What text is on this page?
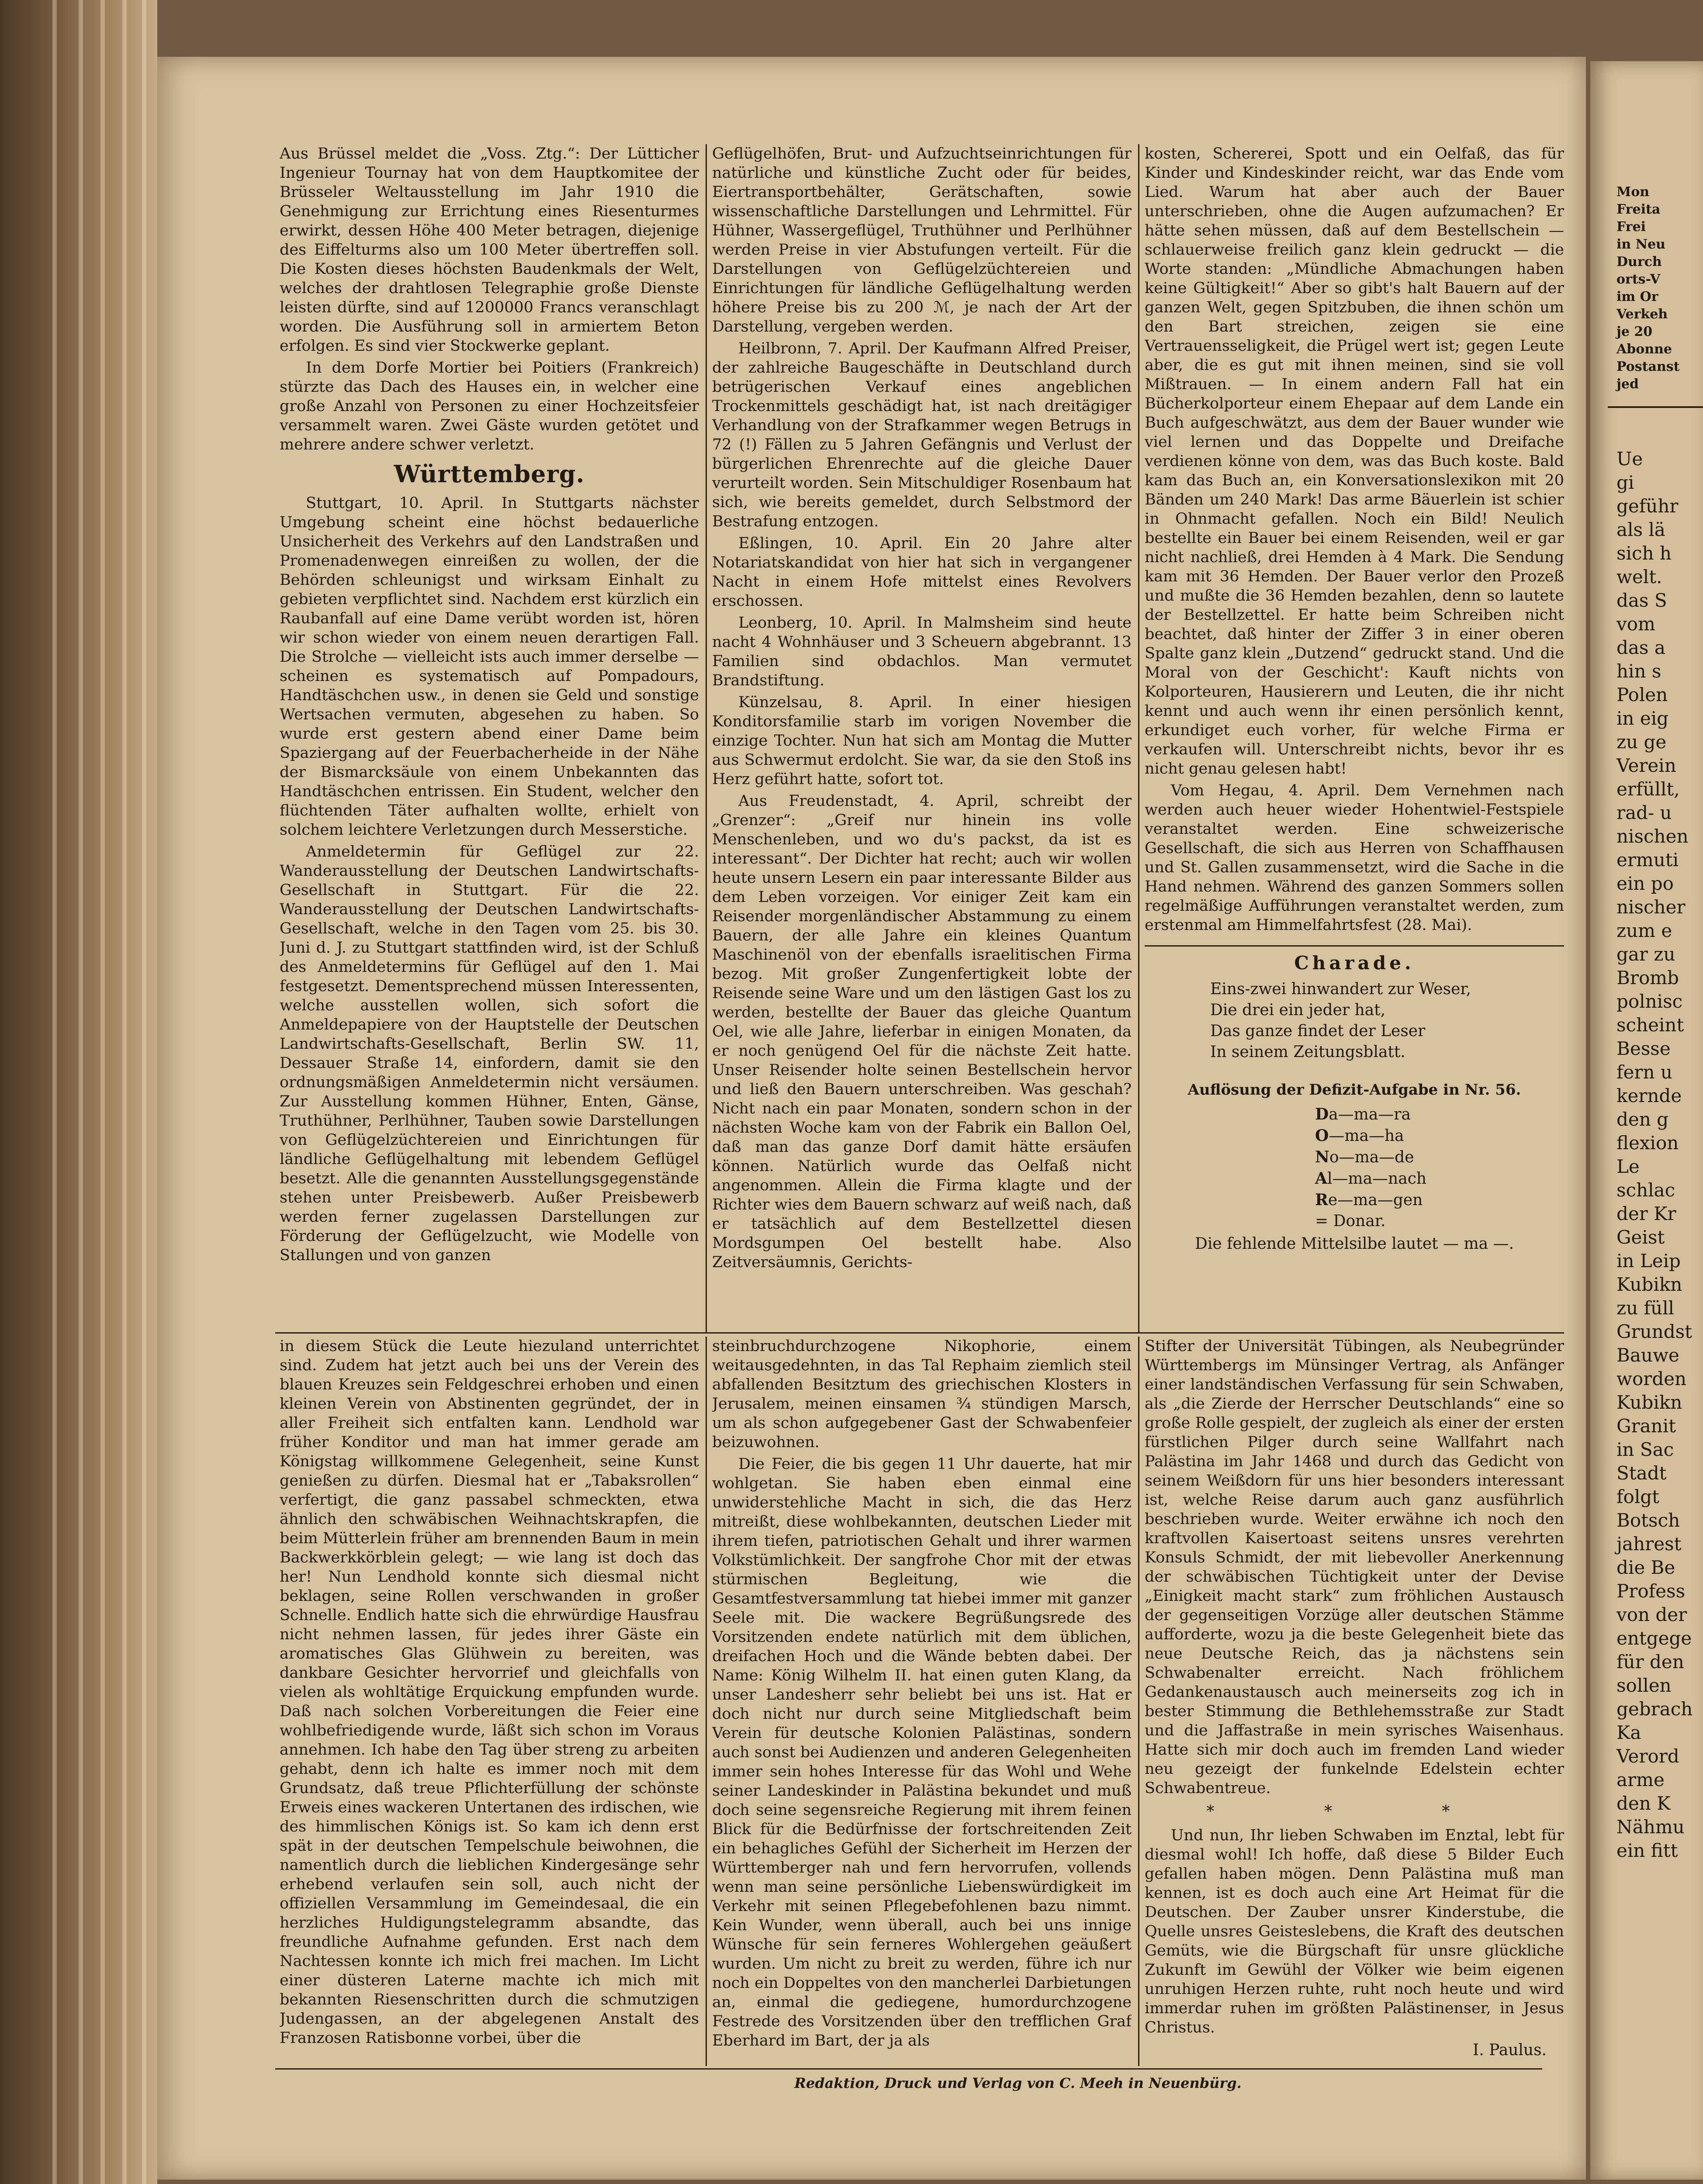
Aus Brüssel meldet die „Voss. Ztg.“: Der Lütticher Ingenieur Tournay hat von dem Hauptkomitee der Brüsseler Weltausstellung im Jahr 1910 die Genehmigung zur Errichtung eines Riesenturmes erwirkt, dessen Höhe 400 Meter betragen, diejenige des Eiffelturms also um 100 Meter übertreffen soll. Die Kosten dieses höchsten Baudenkmals der Welt, welches der drahtlosen Telegraphie große Dienste leisten dürfte, sind auf 1200000 Francs veranschlagt worden. Die Ausführung soll in armiertem Beton erfolgen. Es sind vier Stockwerke geplant.

In dem Dorfe Mortier bei Poitiers (Frankreich) stürzte das Dach des Hauses ein, in welcher eine große Anzahl von Personen zu einer Hochzeitsfeier versammelt waren. Zwei Gäste wurden getötet und mehrere andere schwer verletzt.

Württemberg.

Stuttgart, 10. April. In Stuttgarts nächster Umgebung scheint eine höchst bedauerliche Unsicherheit des Verkehrs auf den Landstraßen und Promenadenwegen einreißen zu wollen, der die Behörden schleunigst und wirksam Einhalt zu gebieten verpflichtet sind. Nachdem erst kürzlich ein Raubanfall auf eine Dame verübt worden ist, hören wir schon wieder von einem neuen derartigen Fall. Die Strolche — vielleicht ists auch immer derselbe — scheinen es systematisch auf Pompadours, Handtäschchen usw., in denen sie Geld und sonstige Wertsachen vermuten, abgesehen zu haben. So wurde erst gestern abend einer Dame beim Spaziergang auf der Feuerbacherheide in der Nähe der Bismarcksäule von einem Unbekannten das Handtäschchen entrissen. Ein Student, welcher den flüchtenden Täter aufhalten wollte, erhielt von solchem leichtere Verletzungen durch Messerstiche.

Anmeldetermin für Geflügel zur 22. Wanderausstellung der Deutschen Landwirtschafts-Gesellschaft in Stuttgart. Für die 22. Wanderausstellung der Deutschen Landwirtschafts-Gesellschaft, welche in den Tagen vom 25. bis 30. Juni d. J. zu Stuttgart stattfinden wird, ist der Schluß des Anmeldetermins für Geflügel auf den 1. Mai festgesetzt. Dementsprechend müssen Interessenten, welche ausstellen wollen, sich sofort die Anmeldepapiere von der Hauptstelle der Deutschen Landwirtschafts-Gesellschaft, Berlin SW. 11, Dessauer Straße 14, einfordern, damit sie den ordnungsmäßigen Anmeldetermin nicht versäumen. Zur Ausstellung kommen Hühner, Enten, Gänse, Truthühner, Perlhühner, Tauben sowie Darstellungen von Geflügelzüchtereien und Einrichtungen für ländliche Geflügelhaltung mit lebendem Geflügel besetzt. Alle die genannten Ausstellungsgegenstände stehen unter Preisbewerb. Außer Preisbewerb werden ferner zugelassen Darstellungen zur Förderung der Geflügelzucht, wie Modelle von Stallungen und von ganzen

Geflügelhöfen, Brut- und Aufzuchtseinrichtungen für natürliche und künstliche Zucht oder für beides, Eiertransportbehälter, Gerätschaften, sowie wissenschaftliche Darstellungen und Lehrmittel. Für Hühner, Wassergeflügel, Truthühner und Perlhühner werden Preise in vier Abstufungen verteilt. Für die Darstellungen von Geflügelzüchtereien und Einrichtungen für ländliche Geflügelhaltung werden höhere Preise bis zu 200 ℳ, je nach der Art der Darstellung, vergeben werden.

Heilbronn, 7. April. Der Kaufmann Alfred Preiser, der zahlreiche Baugeschäfte in Deutschland durch betrügerischen Verkauf eines angeblichen Trockenmittels geschädigt hat, ist nach dreitägiger Verhandlung von der Strafkammer wegen Betrugs in 72 (!) Fällen zu 5 Jahren Gefängnis und Verlust der bürgerlichen Ehrenrechte auf die gleiche Dauer verurteilt worden. Sein Mitschuldiger Rosenbaum hat sich, wie bereits gemeldet, durch Selbstmord der Bestrafung entzogen.

Eßlingen, 10. April. Ein 20 Jahre alter Notariatskandidat von hier hat sich in vergangener Nacht in einem Hofe mittelst eines Revolvers erschossen.

Leonberg, 10. April. In Malmsheim sind heute nacht 4 Wohnhäuser und 3 Scheuern abgebrannt. 13 Familien sind obdachlos. Man vermutet Brandstiftung.

Künzelsau, 8. April. In einer hiesigen Konditorsfamilie starb im vorigen November die einzige Tochter. Nun hat sich am Montag die Mutter aus Schwermut erdolcht. Sie war, da sie den Stoß ins Herz geführt hatte, sofort tot.

Aus Freudenstadt, 4. April, schreibt der „Grenzer“: „Greif nur hinein ins volle Menschenleben, und wo du's packst, da ist es interessant“. Der Dichter hat recht; auch wir wollen heute unsern Lesern ein paar interessante Bilder aus dem Leben vorzeigen. Vor einiger Zeit kam ein Reisender morgenländischer Abstammung zu einem Bauern, der alle Jahre ein kleines Quantum Maschinenöl von der ebenfalls israelitischen Firma bezog. Mit großer Zungenfertigkeit lobte der Reisende seine Ware und um den lästigen Gast los zu werden, bestellte der Bauer das gleiche Quantum Oel, wie alle Jahre, lieferbar in einigen Monaten, da er noch genügend Oel für die nächste Zeit hatte. Unser Reisender holte seinen Bestellschein hervor und ließ den Bauern unterschreiben. Was geschah? Nicht nach ein paar Monaten, sondern schon in der nächsten Woche kam von der Fabrik ein Ballon Oel, daß man das ganze Dorf damit hätte ersäufen können. Natürlich wurde das Oelfaß nicht angenommen. Allein die Firma klagte und der Richter wies dem Bauern schwarz auf weiß nach, daß er tatsächlich auf dem Bestellzettel diesen Mordsgumpen Oel bestellt habe. Also Zeitversäumnis, Gerichts-

kosten, Schererei, Spott und ein Oelfaß, das für Kinder und Kindeskinder reicht, war das Ende vom Lied. Warum hat aber auch der Bauer unterschrieben, ohne die Augen aufzumachen? Er hätte sehen müssen, daß auf dem Bestellschein — schlauerweise freilich ganz klein gedruckt — die Worte standen: „Mündliche Abmachungen haben keine Gültigkeit!“ Aber so gibt's halt Bauern auf der ganzen Welt, gegen Spitzbuben, die ihnen schön um den Bart streichen, zeigen sie eine Vertrauensseligkeit, die Prügel wert ist; gegen Leute aber, die es gut mit ihnen meinen, sind sie voll Mißtrauen. — In einem andern Fall hat ein Bücherkolporteur einem Ehepaar auf dem Lande ein Buch aufgeschwätzt, aus dem der Bauer wunder wie viel lernen und das Doppelte und Dreifache verdienen könne von dem, was das Buch koste. Bald kam das Buch an, ein Konversationslexikon mit 20 Bänden um 240 Mark! Das arme Bäuerlein ist schier in Ohnmacht gefallen. Noch ein Bild! Neulich bestellte ein Bauer bei einem Reisenden, weil er gar nicht nachließ, drei Hemden à 4 Mark. Die Sendung kam mit 36 Hemden. Der Bauer verlor den Prozeß und mußte die 36 Hemden bezahlen, denn so lautete der Bestellzettel. Er hatte beim Schreiben nicht beachtet, daß hinter der Ziffer 3 in einer oberen Spalte ganz klein „Dutzend“ gedruckt stand. Und die Moral von der Geschicht': Kauft nichts von Kolporteuren, Hausierern und Leuten, die ihr nicht kennt und auch wenn ihr einen persönlich kennt, erkundiget euch vorher, für welche Firma er verkaufen will. Unterschreibt nichts, bevor ihr es nicht genau gelesen habt!

Vom Hegau, 4. April. Dem Vernehmen nach werden auch heuer wieder Hohentwiel-Festspiele veranstaltet werden. Eine schweizerische Gesellschaft, die sich aus Herren von Schaffhausen und St. Gallen zusammensetzt, wird die Sache in die Hand nehmen. Während des ganzen Sommers sollen regelmäßige Aufführungen veranstaltet werden, zum erstenmal am Himmelfahrtsfest (28. Mai).

Charade.
Eins-zwei hinwandert zur Weser,
Die drei ein jeder hat,
Das ganze findet der Leser
In seinem Zeitungsblatt.
Auflösung der Defizit-Aufgabe in Nr. 56.
Da—ma—ra
O—ma—ha
No—ma—de
Al—ma—nach
Re—ma—gen
= Donar.
Die fehlende Mittelsilbe lautet — ma —.

in diesem Stück die Leute hiezuland unterrichtet sind. Zudem hat jetzt auch bei uns der Verein des blauen Kreuzes sein Feldgeschrei erhoben und einen kleinen Verein von Abstinenten gegründet, der in aller Freiheit sich entfalten kann. Lendhold war früher Konditor und man hat immer gerade am Königstag willkommene Gelegenheit, seine Kunst genießen zu dürfen. Diesmal hat er „Tabaksrollen“ verfertigt, die ganz passabel schmeckten, etwa ähnlich den schwäbischen Weihnachtskrapfen, die beim Mütterlein früher am brennenden Baum in mein Backwerkkörblein gelegt; — wie lang ist doch das her! Nun Lendhold konnte sich diesmal nicht beklagen, seine Rollen verschwanden in großer Schnelle. Endlich hatte sich die ehrwürdige Hausfrau nicht nehmen lassen, für jedes ihrer Gäste ein aromatisches Glas Glühwein zu bereiten, was dankbare Gesichter hervorrief und gleichfalls von vielen als wohltätige Erquickung empfunden wurde. Daß nach solchen Vorbereitungen die Feier eine wohlbefriedigende wurde, läßt sich schon im Voraus annehmen. Ich habe den Tag über streng zu arbeiten gehabt, denn ich halte es immer noch mit dem Grundsatz, daß treue Pflichterfüllung der schönste Erweis eines wackeren Untertanen des irdischen, wie des himmlischen Königs ist. So kam ich denn erst spät in der deutschen Tempelschule beiwohnen, die namentlich durch die lieblichen Kindergesänge sehr erhebend verlaufen sein soll, auch nicht der offiziellen Versammlung im Gemeindesaal, die ein herzliches Huldigungstelegramm absandte, das freundliche Aufnahme gefunden. Erst nach dem Nachtessen konnte ich mich frei machen. Im Licht einer düsteren Laterne machte ich mich mit bekannten Riesenschritten durch die schmutzigen Judengassen, an der abgelegenen Anstalt des Franzosen Ratisbonne vorbei, über die

steinbruchdurchzogene Nikophorie, einem weitausgedehnten, in das Tal Rephaim ziemlich steil abfallenden Besitztum des griechischen Klosters in Jerusalem, meinen einsamen ¾ stündigen Marsch, um als schon aufgegebener Gast der Schwabenfeier beizuwohnen.

Die Feier, die bis gegen 11 Uhr dauerte, hat mir wohlgetan. Sie haben eben einmal eine unwiderstehliche Macht in sich, die das Herz mitreißt, diese wohlbekannten, deutschen Lieder mit ihrem tiefen, patriotischen Gehalt und ihrer warmen Volkstümlichkeit. Der sangfrohe Chor mit der etwas stürmischen Begleitung, wie die Gesamtfestversammlung tat hiebei immer mit ganzer Seele mit. Die wackere Begrüßungsrede des Vorsitzenden endete natürlich mit dem üblichen, dreifachen Hoch und die Wände bebten dabei. Der Name: König Wilhelm II. hat einen guten Klang, da unser Landesherr sehr beliebt bei uns ist. Hat er doch nicht nur durch seine Mitgliedschaft beim Verein für deutsche Kolonien Palästinas, sondern auch sonst bei Audienzen und anderen Gelegenheiten immer sein hohes Interesse für das Wohl und Wehe seiner Landeskinder in Palästina bekundet und muß doch seine segensreiche Regierung mit ihrem feinen Blick für die Bedürfnisse der fortschreitenden Zeit ein behagliches Gefühl der Sicherheit im Herzen der Württemberger nah und fern hervorrufen, vollends wenn man seine persönliche Liebenswürdigkeit im Verkehr mit seinen Pflegebefohlenen bazu nimmt. Kein Wunder, wenn überall, auch bei uns innige Wünsche für sein ferneres Wohlergehen geäußert wurden. Um nicht zu breit zu werden, führe ich nur noch ein Doppeltes von den mancherlei Darbietungen an, einmal die gediegene, humordurchzogene Festrede des Vorsitzenden über den trefflichen Graf Eberhard im Bart, der ja als

Stifter der Universität Tübingen, als Neubegründer Württembergs im Münsinger Vertrag, als Anfänger einer landständischen Verfassung für sein Schwaben, als „die Zierde der Herrscher Deutschlands“ eine so große Rolle gespielt, der zugleich als einer der ersten fürstlichen Pilger durch seine Wallfahrt nach Palästina im Jahr 1468 und durch das Gedicht von seinem Weißdorn für uns hier besonders interessant ist, welche Reise darum auch ganz ausführlich beschrieben wurde. Weiter erwähne ich noch den kraftvollen Kaisertoast seitens unsres verehrten Konsuls Schmidt, der mit liebevoller Anerkennung der schwäbischen Tüchtigkeit unter der Devise „Einigkeit macht stark“ zum fröhlichen Austausch der gegenseitigen Vorzüge aller deutschen Stämme aufforderte, wozu ja die beste Gelegenheit biete das neue Deutsche Reich, das ja nächstens sein Schwabenalter erreicht. Nach fröhlichem Gedankenaustausch auch meinerseits zog ich in bester Stimmung die Bethlehemsstraße zur Stadt und die Jaffastraße in mein syrisches Waisenhaus. Hatte sich mir doch auch im fremden Land wieder neu gezeigt der funkelnde Edelstein echter Schwabentreue.

* * *

Und nun, Ihr lieben Schwaben im Enztal, lebt für diesmal wohl! Ich hoffe, daß diese 5 Bilder Euch gefallen haben mögen. Denn Palästina muß man kennen, ist es doch auch eine Art Heimat für die Deutschen. Der Zauber unsrer Kinderstube, die Quelle unsres Geisteslebens, die Kraft des deutschen Gemüts, wie die Bürgschaft für unsre glückliche Zukunft im Gewühl der Völker wie beim eigenen unruhigen Herzen ruhte, ruht noch heute und wird immerdar ruhen im größten Palästinenser, in Jesus Christus.

I. Paulus.
Redaktion, Druck und Verlag von C. Meeh in Neuenbürg.
Mon
Freita
Frei
in Neu
Durch
orts-V
im Or
Verkeh
je 20
Abonne
Postanst
jed
Ue
gi
geführ
als lä
sich h
welt.
das S
vom
das a
hin s
Polen
in eig
zu ge
Verein
erfüllt,
rad- u
nischen
ermuti
ein po
nischer
zum e
gar zu
Bromb
polnisc
scheint
Besse
fern u
kernde
den g
flexion
Le
schlac
der Kr
Geist
in Leip
Kubikn
zu füll
Grundst
Bauwe
worden
Kubikn
Granit
in Sac
Stadt
folgt
Botsch
jahrest
die Be
Profess
von der
entgege
für den
sollen
gebrach
Ka
Verord
arme
den K
Nähmu
ein fitt
